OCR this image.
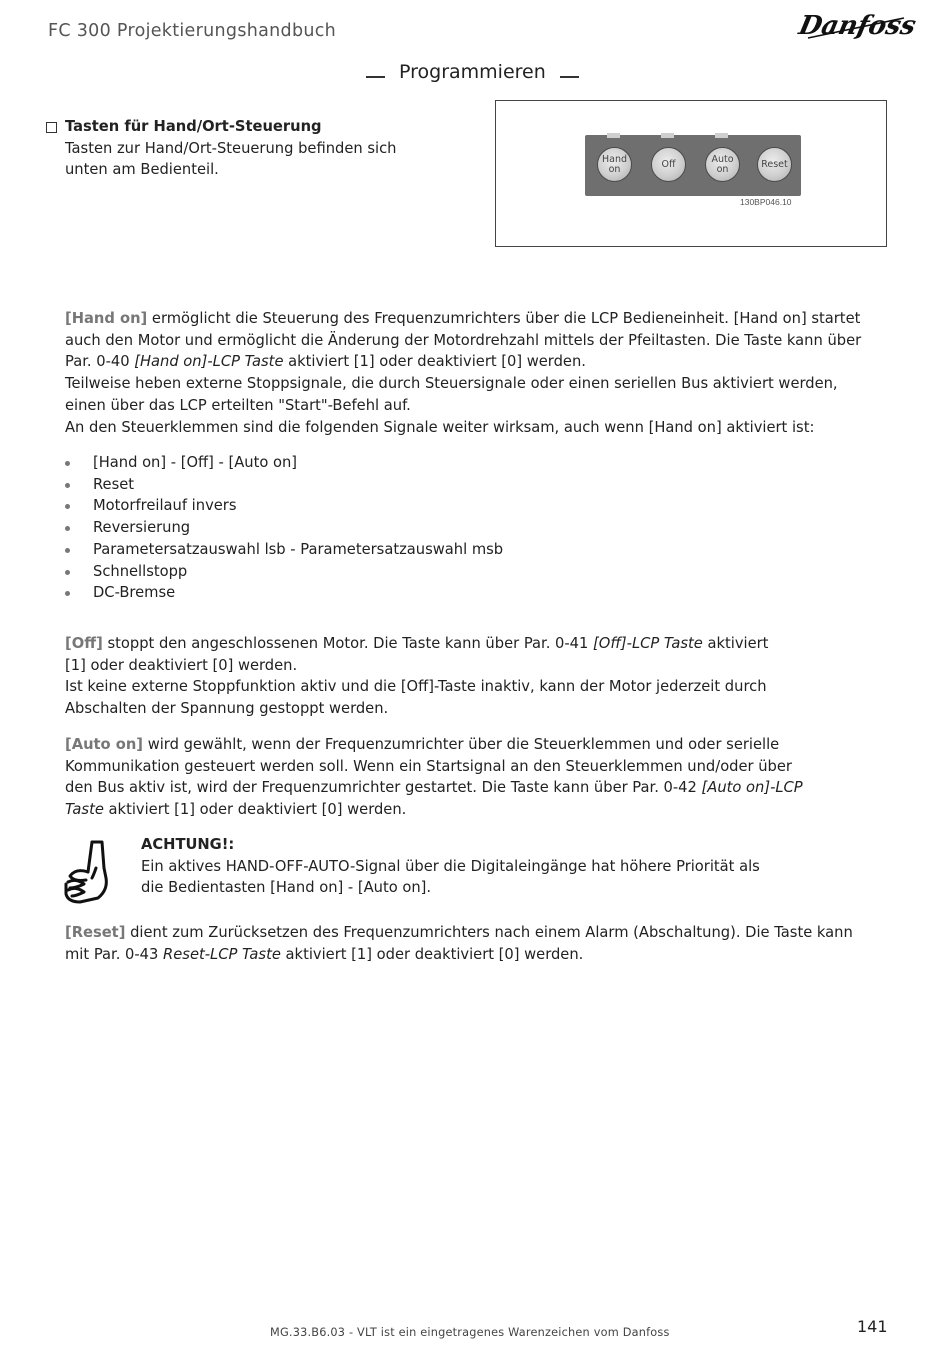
FC 300 Projektierungshandbuch	Danfoss
Programmieren
Tasten für Hand/Ort-Steuerung
Tasten zur Hand/Ort-Steuerung befinden sich unten am Bedienteil.
Hand on	Off	Auto on	Reset
130BP046.10
[Hand on] ermöglicht die Steuerung des Frequenzumrichters über die LCP Bedieneinheit. [Hand on] startet auch den Motor und ermöglicht die Änderung der Motordrehzahl mittels der Pfeiltasten. Die Taste kann über Par. 0-40 [Hand on]-LCP Taste aktiviert [1] oder deaktiviert [0] werden.
Teilweise heben externe Stoppsignale, die durch Steuersignale oder einen seriellen Bus aktiviert werden, einen über das LCP erteilten "Start"-Befehl auf.
An den Steuerklemmen sind die folgenden Signale weiter wirksam, auch wenn [Hand on] aktiviert ist:
[Hand on] - [Off] - [Auto on]
Reset
Motorfreilauf invers
Reversierung
Parametersatzauswahl lsb - Parametersatzauswahl msb
Schnellstopp
DC-Bremse
[Off] stoppt den angeschlossenen Motor. Die Taste kann über Par. 0-41 [Off]-LCP Taste aktiviert [1] oder deaktiviert [0] werden.
Ist keine externe Stoppfunktion aktiv und die [Off]-Taste inaktiv, kann der Motor jederzeit durch Abschalten der Spannung gestoppt werden.
[Auto on] wird gewählt, wenn der Frequenzumrichter über die Steuerklemmen und oder serielle Kommunikation gesteuert werden soll. Wenn ein Startsignal an den Steuerklemmen und/oder über den Bus aktiv ist, wird der Frequenzumrichter gestartet. Die Taste kann über Par. 0-42 [Auto on]-LCP Taste aktiviert [1] oder deaktiviert [0] werden.
ACHTUNG!:
Ein aktives HAND-OFF-AUTO-Signal über die Digitaleingänge hat höhere Priorität als die Bedientasten [Hand on] - [Auto on].
[Reset] dient zum Zurücksetzen des Frequenzumrichters nach einem Alarm (Abschaltung). Die Taste kann mit Par. 0-43 Reset-LCP Taste aktiviert [1] oder deaktiviert [0] werden.
MG.33.B6.03 - VLT ist ein eingetragenes Warenzeichen vom Danfoss	141
